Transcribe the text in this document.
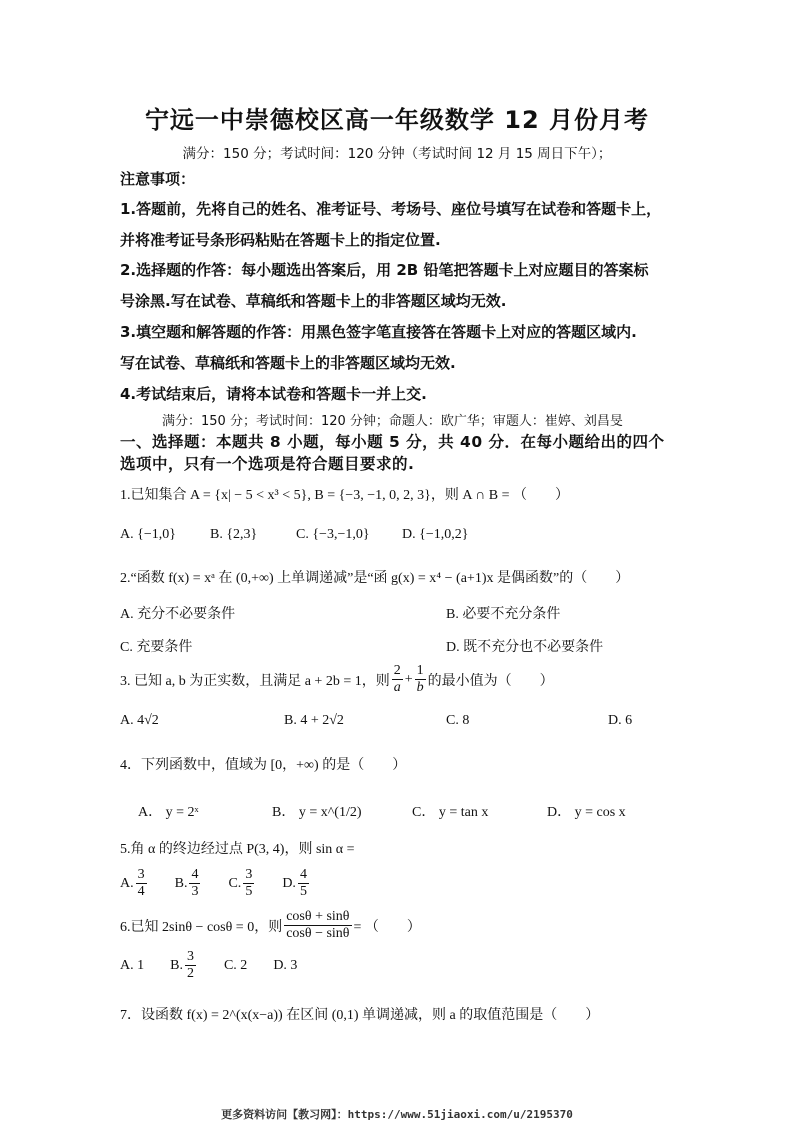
宁远一中崇德校区高一年级数学 12 月份月考
满分：150 分；考试时间：120 分钟（考试时间 12 月 15 周日下午）；
注意事项：
1.答题前，先将自己的姓名、准考证号、考场号、座位号填写在试卷和答题卡上，
并将准考证号条形码粘贴在答题卡上的指定位置.
2.选择题的作答：每小题选出答案后，用 2B 铅笔把答题卡上对应题目的答案标
号涂黑.写在试卷、草稿纸和答题卡上的非答题区域均无效.
3.填空题和解答题的作答：用黑色签字笔直接答在答题卡上对应的答题区域内.
写在试卷、草稿纸和答题卡上的非答题区域均无效.
4.考试结束后，请将本试卷和答题卡一并上交.
满分：150 分；考试时间：120 分钟；命题人：欧广华；审题人：崔婷、刘昌旻
一、选择题：本题共 8 小题，每小题 5 分，共 40 分．在每小题给出的四个
选项中，只有一个选项是符合题目要求的.
1.已知集合 A = {x| − 5 < x³ < 5}, B = {−3, −1, 0, 2, 3}，则 A ∩ B = （　　）
A. {−1,0} B. {2,3}	C. {−3,−1,0} D. {−1,0,2}
2.“函数 f(x) = xᵃ 在 (0,+∞) 上单调递减”是“函 g(x) = x⁴ − (a+1)x 是偶函数”的（　　）
A. 充分不必要条件	B. 必要不充分条件
C. 充要条件	D. 既不充分也不必要条件
3. 已知 a, b 为正实数，且满足 a + 2b = 1，则 $\frac{2}{a} + \frac{1}{b}$ 的最小值为（　　）
A. 4√2	B. 4 + 2√2	C. 8	D. 6
4．下列函数中，值域为 [0，+∞) 的是（　　）
A． y = 2ˣ	B． y = x^(1/2)	C． y = tan x	D． y = cos x
5.角 α 的终边经过点 P(3, 4)，则 sin α =
A. $\frac{3}{4} B$. $\frac{4}{3} C$. $\frac{3}{5} D$. $\frac{4}{5}$
6.已知 2sinθ − cosθ = 0，则 $\frac{\cos\theta + \sin\theta}{\cos\theta - \sin\theta}$ = （　　）
A. 1 B. $\frac{3}{2} C$. 2 D. 3
7．设函数 f(x) = 2^(x(x−a)) 在区间 (0,1) 单调递减，则 a 的取值范围是（　　）
更多资料访问【教习网】：https://www.51jiaoxi.com/u/2195370
